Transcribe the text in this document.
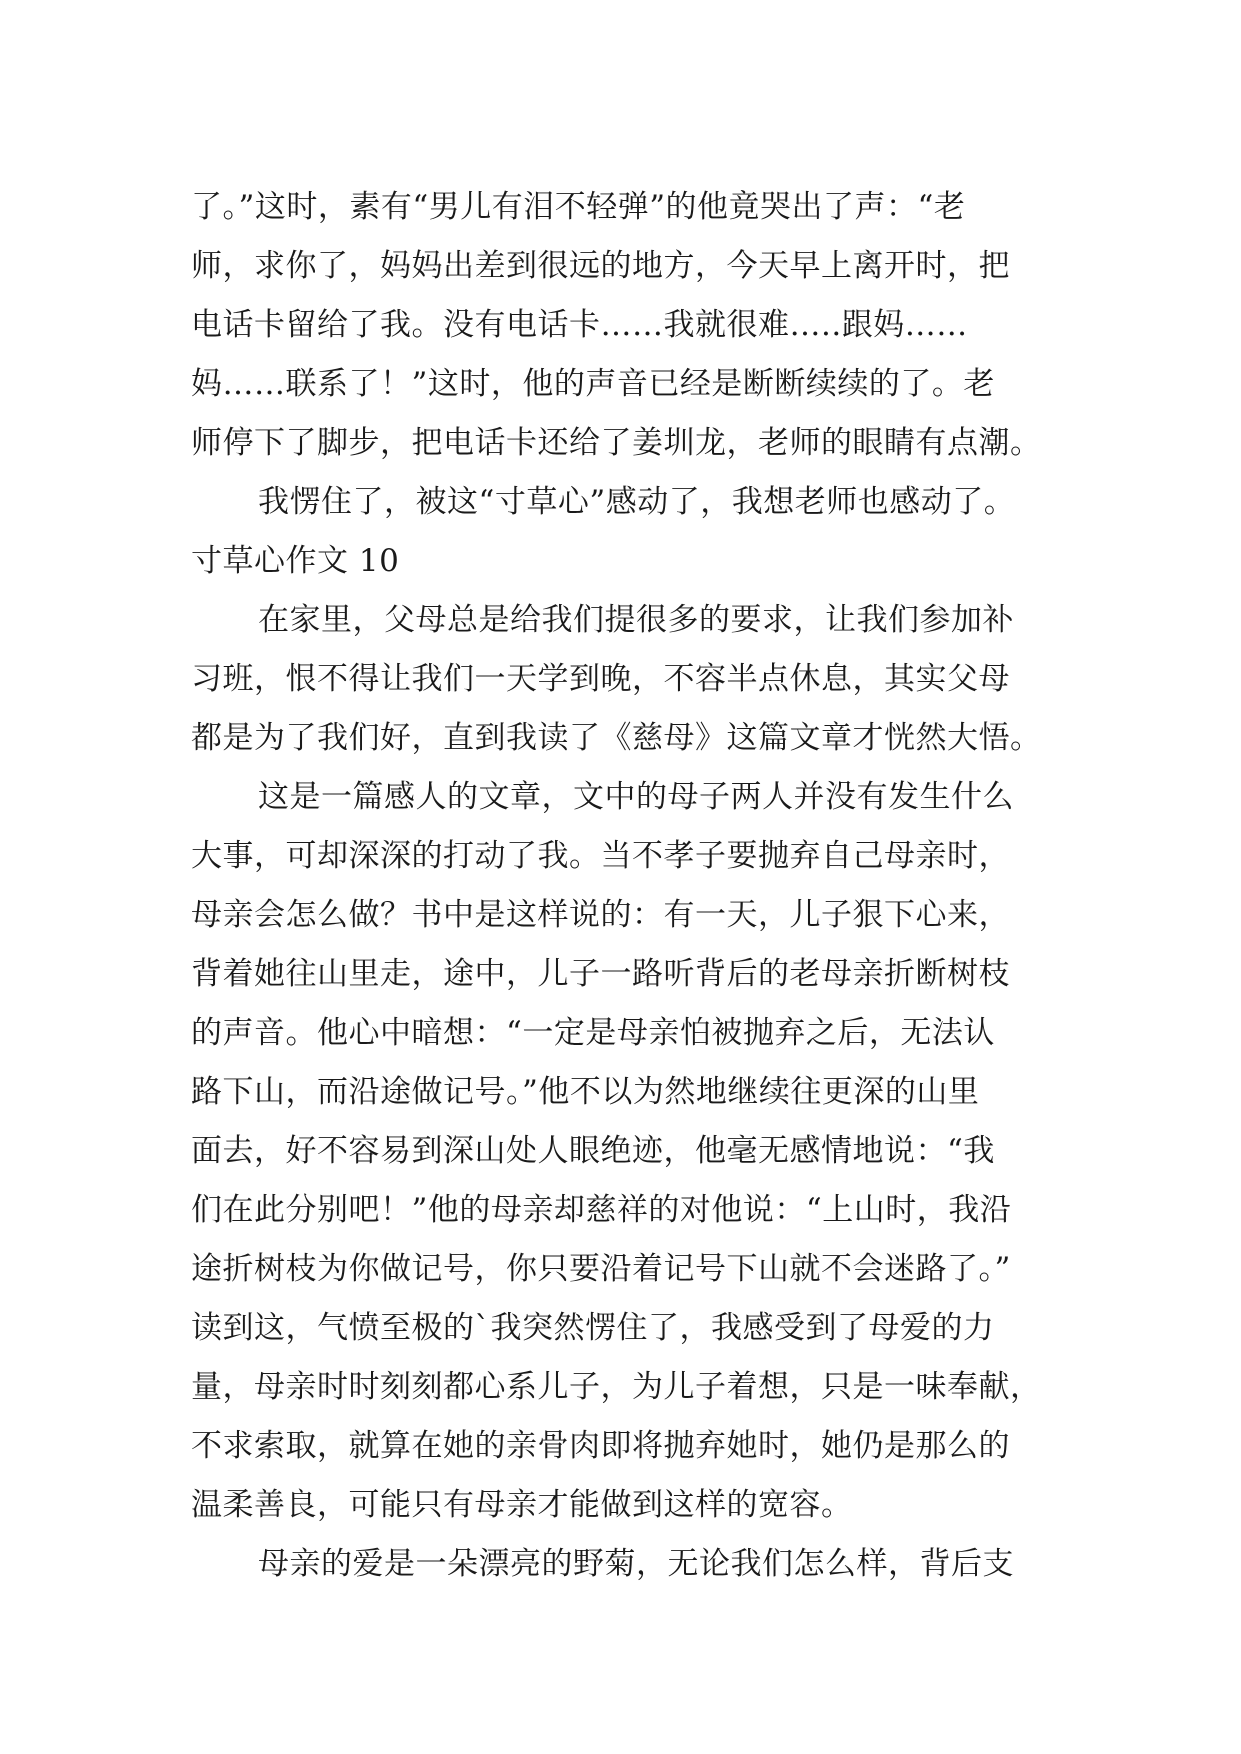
了。”这时，素有“男儿有泪不轻弹”的他竟哭出了声：“老
师，求你了，妈妈出差到很远的地方，今天早上离开时，把
电话卡留给了我。没有电话卡……我就很难…..跟妈……
妈……联系了！”这时，他的声音已经是断断续续的了。老
师停下了脚步，把电话卡还给了姜圳龙，老师的眼睛有点潮。
我愣住了，被这“寸草心”感动了，我想老师也感动了。
寸草心作文 10
在家里，父母总是给我们提很多的要求，让我们参加补
习班，恨不得让我们一天学到晚，不容半点休息，其实父母
都是为了我们好，直到我读了《慈母》这篇文章才恍然大悟。
这是一篇感人的文章，文中的母子两人并没有发生什么
大事，可却深深的打动了我。当不孝子要抛弃自己母亲时，
母亲会怎么做？书中是这样说的：有一天，儿子狠下心来，
背着她往山里走，途中，儿子一路听背后的老母亲折断树枝
的声音。他心中暗想：“一定是母亲怕被抛弃之后，无法认
路下山，而沿途做记号。”他不以为然地继续往更深的山里
面去，好不容易到深山处人眼绝迹，他毫无感情地说：“我
们在此分别吧！”他的母亲却慈祥的对他说：“上山时，我沿
途折树枝为你做记号，你只要沿着记号下山就不会迷路了。”
读到这，气愤至极的`我突然愣住了，我感受到了母爱的力
量，母亲时时刻刻都心系儿子，为儿子着想，只是一味奉献，
不求索取，就算在她的亲骨肉即将抛弃她时，她仍是那么的
温柔善良，可能只有母亲才能做到这样的宽容。
母亲的爱是一朵漂亮的野菊，无论我们怎么样，背后支
